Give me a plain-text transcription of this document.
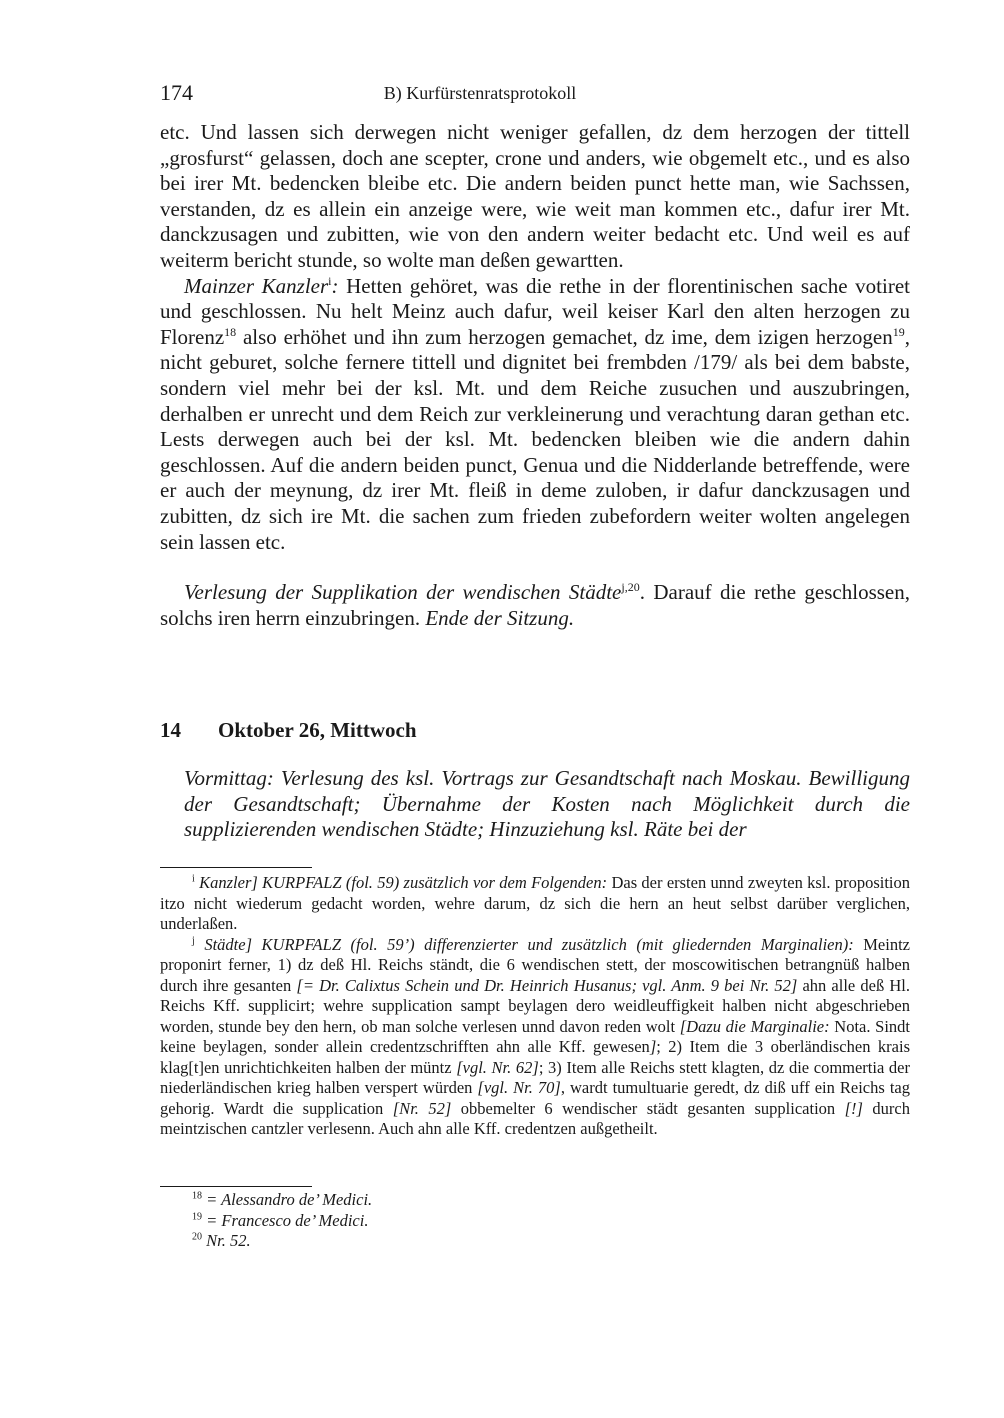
174	B) Kurfürstenratsprotokoll

etc. Und lassen sich derwegen nicht weniger gefallen, dz dem herzogen der tittell „grosfurst“ gelassen, doch ane scepter, crone und anders, wie obgemelt etc., und es also bei irer Mt. bedencken bleibe etc. Die andern beiden punct hette man, wie Sachssen, verstanden, dz es allein ein anzeige were, wie weit man kommen etc., dafur irer Mt. danckzusagen und zubitten, wie von den andern weiter bedacht etc. Und weil es auf weiterm bericht stunde, so wolte man deßen gewartten.

Mainzer Kanzler$^i$: Hetten gehöret, was die rethe in der florentinischen sache votiret und geschlossen. Nu helt Meinz auch dafur, weil keiser Karl den alten herzogen zu Florenz$^{18}$ also erhöhet und ihn zum herzogen gemachet, dz ime, dem izigen herzogen$^{19}$, nicht geburet, solche fernere tittell und dignitet bei frembden /179/ als bei dem babste, sondern viel mehr bei der ksl. Mt. und dem Reiche zusuchen und auszubringen, derhalben er unrecht und dem Reich zur verkleinerung und verachtung daran gethan etc. Lests derwegen auch bei der ksl. Mt. bedencken bleiben wie die andern dahin geschlossen. Auf die andern beiden punct, Genua und die Nidderlande betreffende, were er auch der meynung, dz irer Mt. fleiß in deme zuloben, ir dafur danckzusagen und zubitten, dz sich ire Mt. die sachen zum frieden zubefordern weiter wolten angelegen sein lassen etc.

Verlesung der Supplikation der wendischen Städte$^{j,20}$. Darauf die rethe geschlossen, solchs iren herrn einzubringen. Ende der Sitzung.

14 Oktober 26, Mittwoch
Vormittag: Verlesung des ksl. Vortrags zur Gesandtschaft nach Moskau. Bewilligung der Gesandtschaft; Übernahme der Kosten nach Möglichkeit durch die supplizierenden wendischen Städte; Hinzuziehung ksl. Räte bei der

$^i$ Kanzler] KURPFALZ (fol. 59) zusätzlich vor dem Folgenden: Das der ersten unnd zweyten ksl. proposition itzo nicht wiederum gedacht worden, wehre darum, dz sich die hern an heut selbst darüber verglichen, underlaßen.

$^j$ Städte] KURPFALZ (fol. 59’) differenzierter und zusätzlich (mit gliedernden Marginalien): Meintz proponirt ferner, 1) dz deß Hl. Reichs ständt, die 6 wendischen stett, der moscowitischen betrangnüß halben durch ihre gesanten [= Dr. Calixtus Schein und Dr. Heinrich Husanus; vgl. Anm. 9 bei Nr. 52] ahn alle deß Hl. Reichs Kff. supplicirt; wehre supplication sampt beylagen dero weidleuffigkeit halben nicht abgeschrieben worden, stunde bey den hern, ob man solche verlesen unnd davon reden wolt [Dazu die Marginalie: Nota. Sindt keine beylagen, sonder allein credentzschrifften ahn alle Kff. gewesen]; 2) Item die 3 oberländischen krais klag[t]en unrichtichkeiten halben der müntz [vgl. Nr. 62]; 3) Item alle Reichs stett klagten, dz die commertia der niederländischen krieg halben verspert würden [vgl. Nr. 70], wardt tumultuarie geredt, dz diß uff ein Reichs tag gehorig. Wardt die supplication [Nr. 52] obbemelter 6 wendischer städt gesanten supplication [!] durch meintzischen cantzler verlesenn. Auch ahn alle Kff. credentzen außgetheilt.

$^{18}$ = Alessandro de’ Medici.

$^{19}$ = Francesco de’ Medici.

$^{20}$ Nr. 52.
